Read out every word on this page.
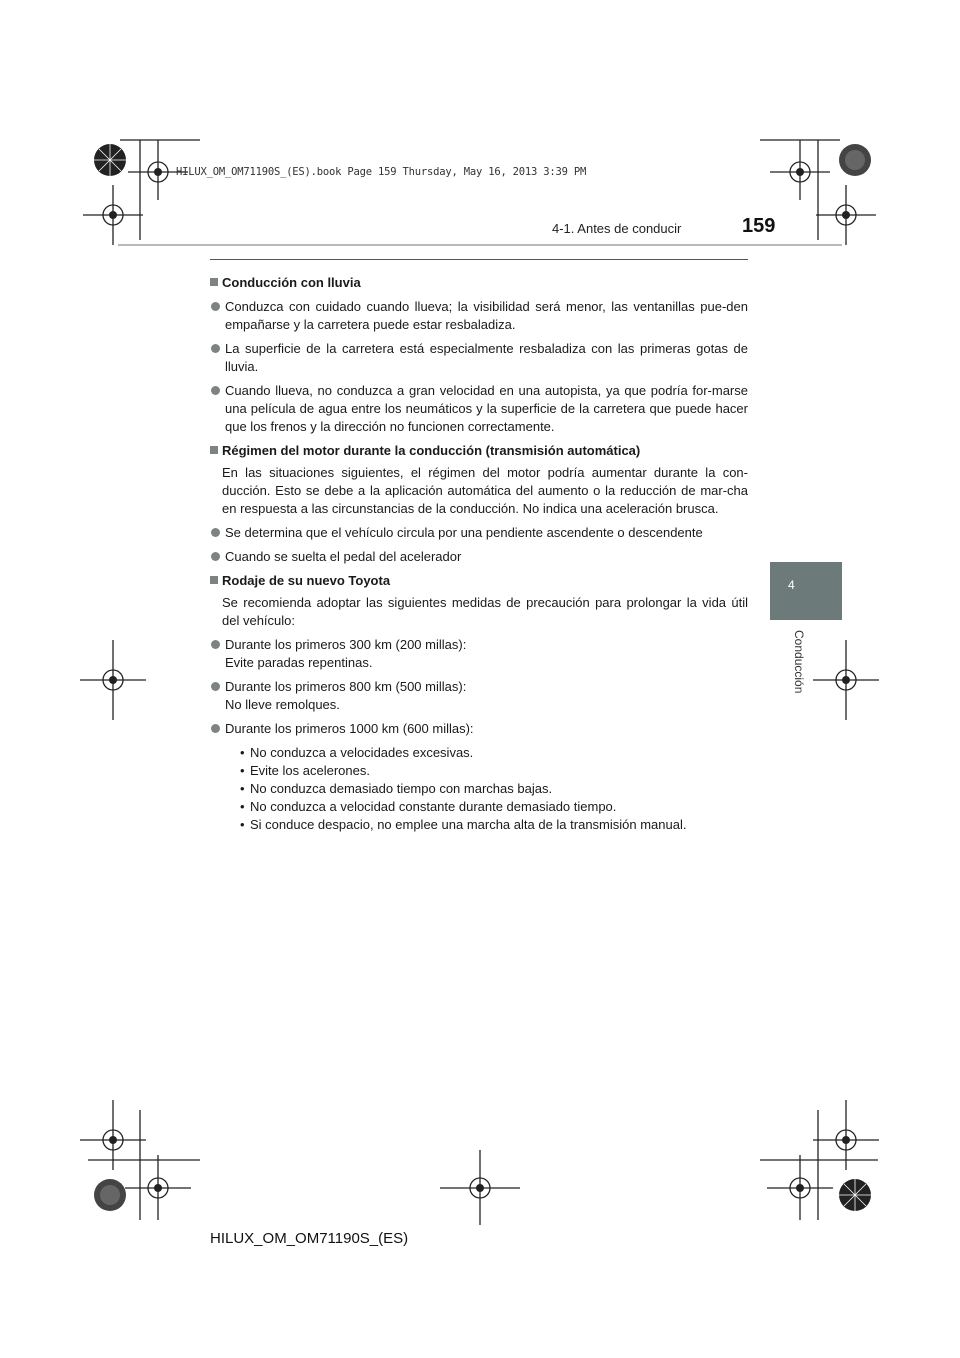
HILUX_OM_OM71190S_(ES).book Page 159 Thursday, May 16, 2013 3:39 PM
4-1. Antes de conducir	159
4
Conducción
Conducción con lluvia
Conduzca con cuidado cuando llueva; la visibilidad será menor, las ventanillas pue-den empañarse y la carretera puede estar resbaladiza.
La superficie de la carretera está especialmente resbaladiza con las primeras gotas de lluvia.
Cuando llueva, no conduzca a gran velocidad en una autopista, ya que podría for-marse una película de agua entre los neumáticos y la superficie de la carretera que puede hacer que los frenos y la dirección no funcionen correctamente.
Régimen del motor durante la conducción (transmisión automática)
En las situaciones siguientes, el régimen del motor podría aumentar durante la con-ducción. Esto se debe a la aplicación automática del aumento o la reducción de mar-cha en respuesta a las circunstancias de la conducción. No indica una aceleración brusca.
Se determina que el vehículo circula por una pendiente ascendente o descendente
Cuando se suelta el pedal del acelerador
Rodaje de su nuevo Toyota
Se recomienda adoptar las siguientes medidas de precaución para prolongar la vida útil del vehículo:
Durante los primeros 300 km (200 millas):
Evite paradas repentinas.
Durante los primeros 800 km (500 millas):
No lleve remolques.
Durante los primeros 1000 km (600 millas):
• No conduzca a velocidades excesivas.
• Evite los acelerones.
• No conduzca demasiado tiempo con marchas bajas.
• No conduzca a velocidad constante durante demasiado tiempo.
• Si conduce despacio, no emplee una marcha alta de la transmisión manual.
HILUX_OM_OM71190S_(ES)
